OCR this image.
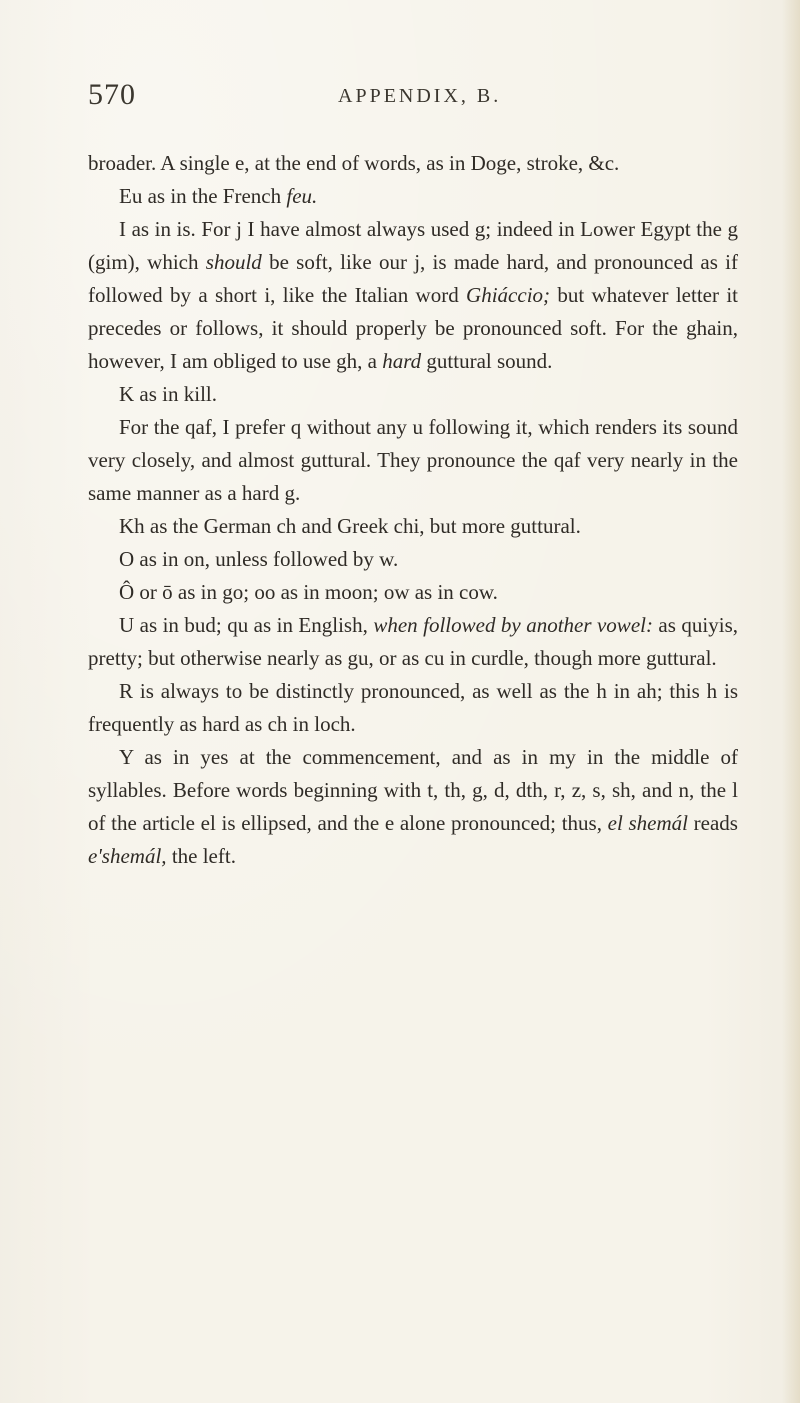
570	APPENDIX, B.

broader. A single e, at the end of words, as in Doge, stroke, &c.

Eu as in the French feu.

I as in is. For j I have almost always used g; indeed in Lower Egypt the g (gim), which should be soft, like our j, is made hard, and pronounced as if followed by a short i, like the Italian word Ghiáccio; but whatever letter it precedes or follows, it should properly be pronounced soft. For the ghain, however, I am obliged to use gh, a hard guttural sound.

K as in kill.

For the qaf, I prefer q without any u following it, which renders its sound very closely, and almost guttural. They pronounce the qaf very nearly in the same manner as a hard g.

Kh as the German ch and Greek chi, but more guttural.

O as in on, unless followed by w.

Ô or ō as in go; oo as in moon; ow as in cow.

U as in bud; qu as in English, when followed by another vowel: as quiyis, pretty; but otherwise nearly as gu, or as cu in curdle, though more guttural.

R is always to be distinctly pronounced, as well as the h in ah; this h is frequently as hard as ch in loch.

Y as in yes at the commencement, and as in my in the middle of syllables. Before words beginning with t, th, g, d, dth, r, z, s, sh, and n, the l of the article el is ellipsed, and the e alone pronounced; thus, el shemál reads e'shemál, the left.
